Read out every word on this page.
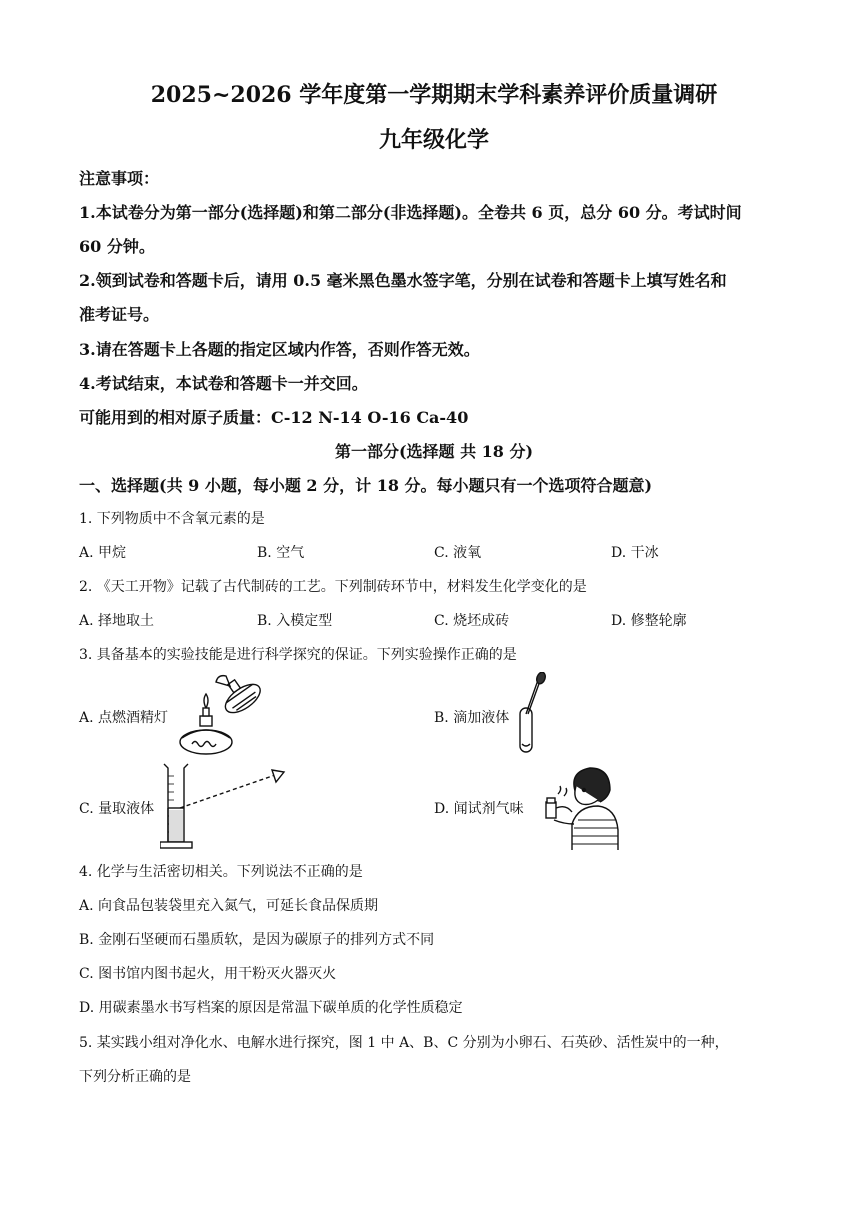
2025~2026 学年度第一学期期末学科素养评价质量调研
九年级化学
注意事项：
1.本试卷分为第一部分(选择题)和第二部分(非选择题)。全卷共 6 页，总分 60 分。考试时间
60 分钟。
2.领到试卷和答题卡后，请用 0.5 毫米黑色墨水签字笔，分别在试卷和答题卡上填写姓名和
准考证号。
3.请在答题卡上各题的指定区域内作答，否则作答无效。
4.考试结束，本试卷和答题卡一并交回。
可能用到的相对原子质量：C-12 N-14 O-16 Ca-40
第一部分(选择题 共 18 分)
一、选择题(共 9 小题，每小题 2 分，计 18 分。每小题只有一个选项符合题意)
1. 下列物质中不含氧元素的是
A. 甲烷	B. 空气	C. 液氧	D. 干冰
2. 《天工开物》记载了古代制砖的工艺。下列制砖环节中，材料发生化学变化的是
A. 择地取土	B. 入模定型	C. 烧坯成砖	D. 修整轮廓
3. 具备基本的实验技能是进行科学探究的保证。下列实验操作正确的是
A. 点燃酒精灯	B. 滴加液体
C. 量取液体	D. 闻试剂气味
4. 化学与生活密切相关。下列说法不正确的是
A. 向食品包装袋里充入氮气，可延长食品保质期
B. 金刚石坚硬而石墨质软，是因为碳原子的排列方式不同
C. 图书馆内图书起火，用干粉灭火器灭火
D. 用碳素墨水书写档案的原因是常温下碳单质的化学性质稳定
5. 某实践小组对净化水、电解水进行探究，图 1 中 A、B、C 分别为小卵石、石英砂、活性炭中的一种，
下列分析正确的是
